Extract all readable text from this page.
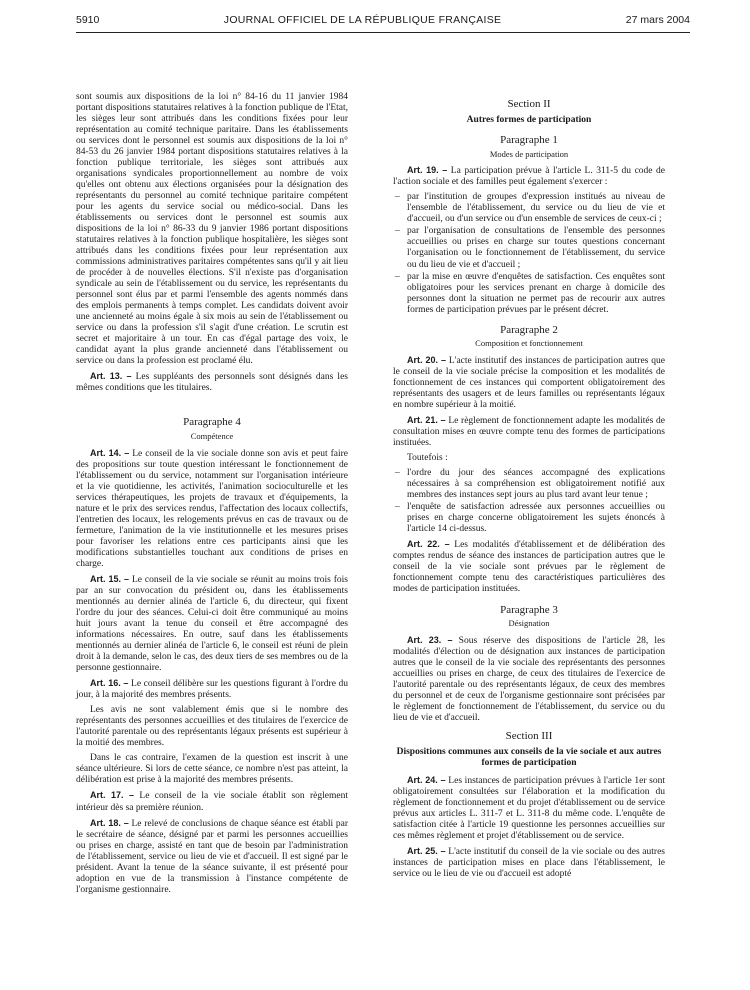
5910	JOURNAL OFFICIEL DE LA RÉPUBLIQUE FRANÇAISE	27 mars 2004

sont soumis aux dispositions de la loi n° 84-16 du 11 janvier 1984 portant dispositions statutaires relatives à la fonction publique de l'Etat, les sièges leur sont attribués dans les conditions fixées pour leur représentation au comité technique paritaire. Dans les établissements ou services dont le personnel est soumis aux dispositions de la loi n° 84-53 du 26 janvier 1984 portant dispositions statutaires relatives à la fonction publique territoriale, les sièges sont attribués aux organisations syndicales proportionnellement au nombre de voix qu'elles ont obtenu aux élections organisées pour la désignation des représentants du personnel au comité technique paritaire compétent pour les agents du service social ou médico-social. Dans les établissements ou services dont le personnel est soumis aux dispositions de la loi n° 86-33 du 9 janvier 1986 portant dispositions statutaires relatives à la fonction publique hospitalière, les sièges sont attribués dans les conditions fixées pour leur représentation aux commissions administratives paritaires compétentes sans qu'il y ait lieu de procéder à de nouvelles élections. S'il n'existe pas d'organisation syndicale au sein de l'établissement ou du service, les représentants du personnel sont élus par et parmi l'ensemble des agents nommés dans des emplois permanents à temps complet. Les candidats doivent avoir une ancienneté au moins égale à six mois au sein de l'établissement ou service ou dans la profession s'il s'agit d'une création. Le scrutin est secret et majoritaire à un tour. En cas d'égal partage des voix, le candidat ayant la plus grande ancienneté dans l'établissement ou service ou dans la profession est proclamé élu.

Art. 13. – Les suppléants des personnels sont désignés dans les mêmes conditions que les titulaires.

Paragraphe 4
Compétence

Art. 14. – Le conseil de la vie sociale donne son avis et peut faire des propositions sur toute question intéressant le fonctionnement de l'établissement ou du service, notamment sur l'organisation intérieure et la vie quotidienne, les activités, l'animation socioculturelle et les services thérapeutiques, les projets de travaux et d'équipements, la nature et le prix des services rendus, l'affectation des locaux collectifs, l'entretien des locaux, les relogements prévus en cas de travaux ou de fermeture, l'animation de la vie institutionnelle et les mesures prises pour favoriser les relations entre ces participants ainsi que les modifications substantielles touchant aux conditions de prises en charge.

Art. 15. – Le conseil de la vie sociale se réunit au moins trois fois par an sur convocation du président ou, dans les établissements mentionnés au dernier alinéa de l'article 6, du directeur, qui fixent l'ordre du jour des séances. Celui-ci doit être communiqué au moins huit jours avant la tenue du conseil et être accompagné des informations nécessaires. En outre, sauf dans les établissements mentionnés au dernier alinéa de l'article 6, le conseil est réuni de plein droit à la demande, selon le cas, des deux tiers de ses membres ou de la personne gestionnaire.

Art. 16. – Le conseil délibère sur les questions figurant à l'ordre du jour, à la majorité des membres présents.

Les avis ne sont valablement émis que si le nombre des représentants des personnes accueillies et des titulaires de l'exercice de l'autorité parentale ou des représentants légaux présents est supérieur à la moitié des membres.

Dans le cas contraire, l'examen de la question est inscrit à une séance ultérieure. Si lors de cette séance, ce nombre n'est pas atteint, la délibération est prise à la majorité des membres présents.

Art. 17. – Le conseil de la vie sociale établit son règlement intérieur dès sa première réunion.

Art. 18. – Le relevé de conclusions de chaque séance est établi par le secrétaire de séance, désigné par et parmi les personnes accueillies ou prises en charge, assisté en tant que de besoin par l'administration de l'établissement, service ou lieu de vie et d'accueil. Il est signé par le président. Avant la tenue de la séance suivante, il est présenté pour adoption en vue de la transmission à l'instance compétente de l'organisme gestionnaire.

Section II
Autres formes de participation
Paragraphe 1
Modes de participation

Art. 19. – La participation prévue à l'article L. 311-5 du code de l'action sociale et des familles peut également s'exercer :

– par l'institution de groupes d'expression institués au niveau de l'ensemble de l'établissement, du service ou du lieu de vie et d'accueil, ou d'un service ou d'un ensemble de services de ceux-ci ;
– par l'organisation de consultations de l'ensemble des personnes accueillies ou prises en charge sur toutes questions concernant l'organisation ou le fonctionnement de l'établissement, du service ou du lieu de vie et d'accueil ;
– par la mise en œuvre d'enquêtes de satisfaction. Ces enquêtes sont obligatoires pour les services prenant en charge à domicile des personnes dont la situation ne permet pas de recourir aux autres formes de participation prévues par le présent décret.
Paragraphe 2
Composition et fonctionnement

Art. 20. – L'acte institutif des instances de participation autres que le conseil de la vie sociale précise la composition et les modalités de fonctionnement de ces instances qui comportent obligatoirement des représentants des usagers et de leurs familles ou représentants légaux en nombre supérieur à la moitié.

Art. 21. – Le règlement de fonctionnement adapte les modalités de consultation mises en œuvre compte tenu des formes de participations instituées.

Toutefois :

– l'ordre du jour des séances accompagné des explications nécessaires à sa compréhension est obligatoirement notifié aux membres des instances sept jours au plus tard avant leur tenue ;
– l'enquête de satisfaction adressée aux personnes accueillies ou prises en charge concerne obligatoirement les sujets énoncés à l'article 14 ci-dessus.

Art. 22. – Les modalités d'établissement et de délibération des comptes rendus de séance des instances de participation autres que le conseil de la vie sociale sont prévues par le règlement de fonctionnement compte tenu des caractéristiques particulières des modes de participation instituées.

Paragraphe 3
Désignation

Art. 23. – Sous réserve des dispositions de l'article 28, les modalités d'élection ou de désignation aux instances de participation autres que le conseil de la vie sociale des représentants des personnes accueillies ou prises en charge, de ceux des titulaires de l'exercice de l'autorité parentale ou des représentants légaux, de ceux des membres du personnel et de ceux de l'organisme gestionnaire sont précisées par le règlement de fonctionnement de l'établissement, du service ou du lieu de vie et d'accueil.

Section III
Dispositions communes aux conseils de la vie sociale et aux autres formes de participation

Art. 24. – Les instances de participation prévues à l'article 1er sont obligatoirement consultées sur l'élaboration et la modification du règlement de fonctionnement et du projet d'établissement ou de service prévus aux articles L. 311-7 et L. 311-8 du même code. L'enquête de satisfaction citée à l'article 19 questionne les personnes accueillies sur ces mêmes règlement et projet d'établissement ou de service.

Art. 25. – L'acte institutif du conseil de la vie sociale ou des autres instances de participation mises en place dans l'établissement, le service ou le lieu de vie ou d'accueil est adopté
